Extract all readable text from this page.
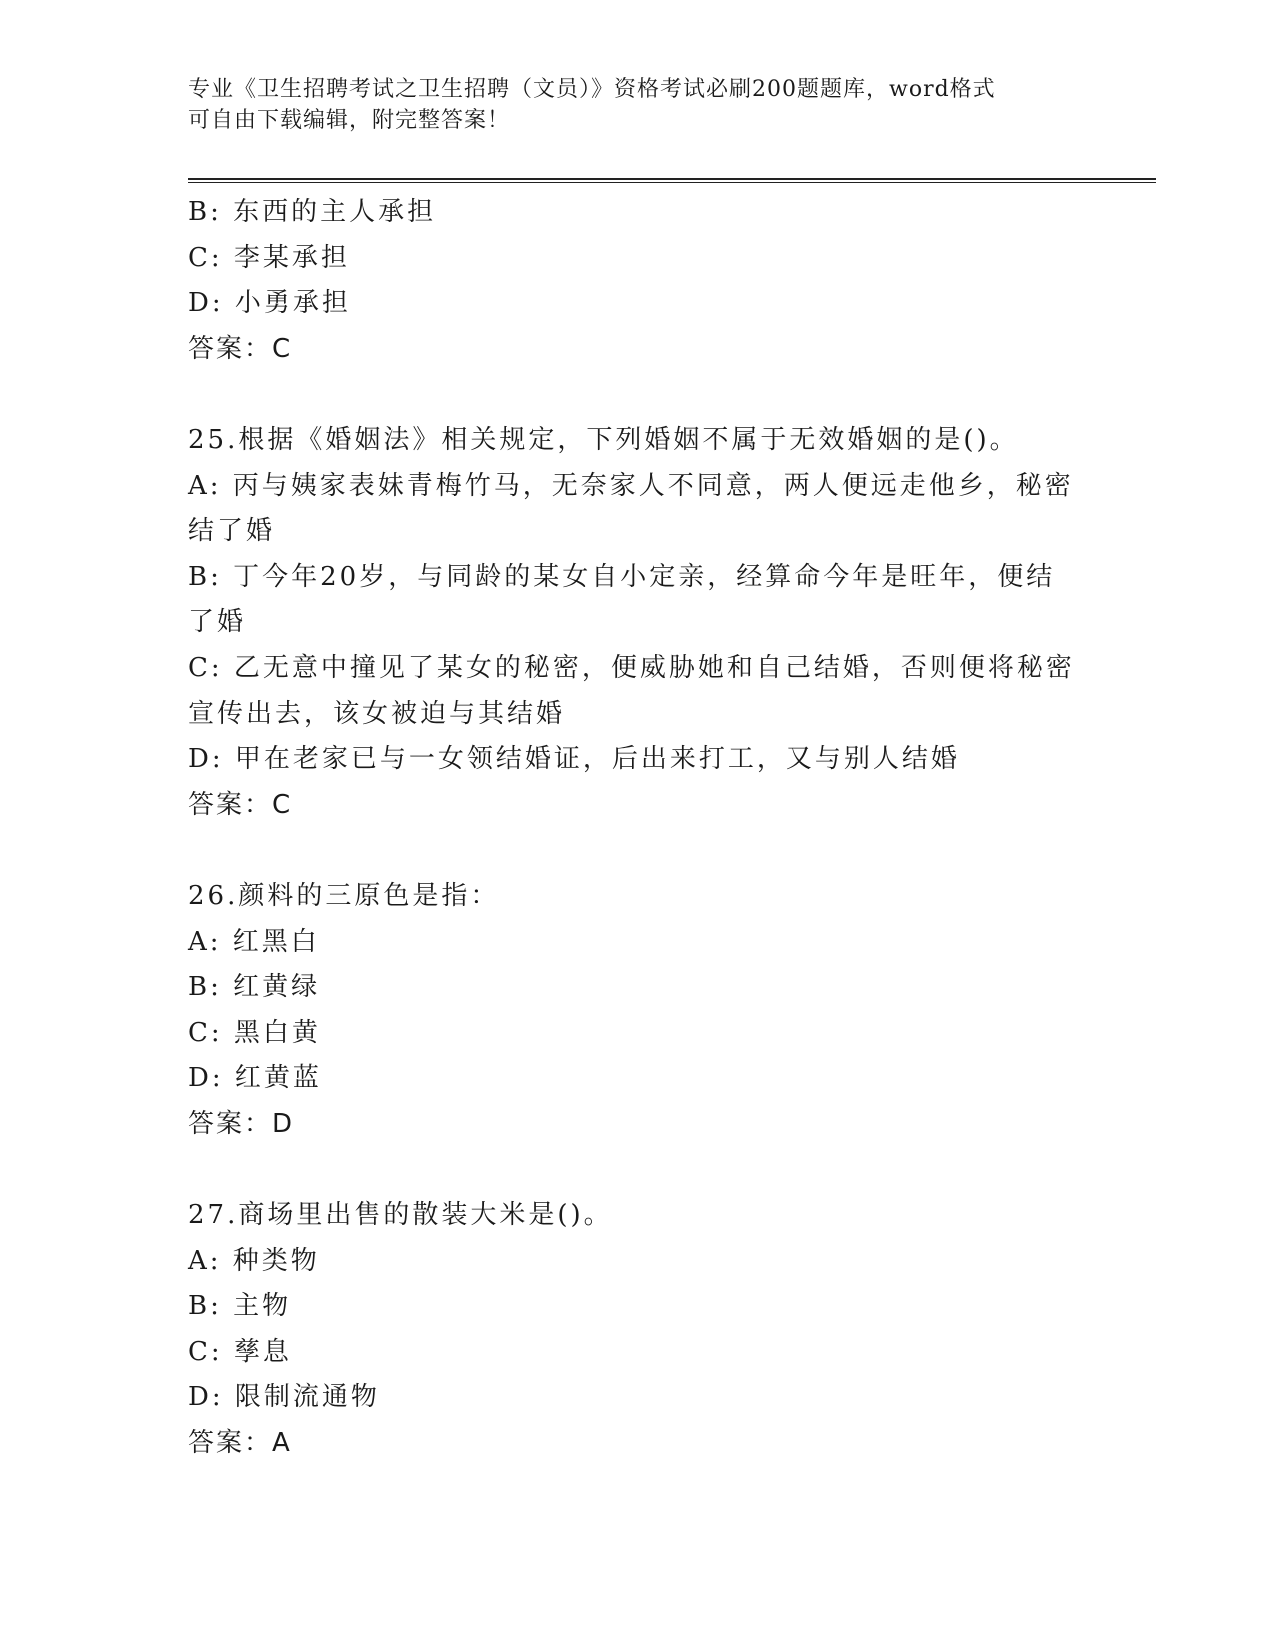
专业《卫生招聘考试之卫生招聘（文员）》资格考试必刷200题题库，word格式
可自由下载编辑，附完整答案！
B: 东西的主人承担
C: 李某承担
D: 小勇承担
答案：C
25.根据《婚姻法》相关规定，下列婚姻不属于无效婚姻的是()。
A: 丙与姨家表妹青梅竹马，无奈家人不同意，两人便远走他乡，秘密
结了婚
B: 丁今年20岁，与同龄的某女自小定亲，经算命今年是旺年，便结
了婚
C: 乙无意中撞见了某女的秘密，便威胁她和自己结婚，否则便将秘密
宣传出去，该女被迫与其结婚
D: 甲在老家已与一女领结婚证，后出来打工，又与别人结婚
答案：C
26.颜料的三原色是指：
A: 红黑白
B: 红黄绿
C: 黑白黄
D: 红黄蓝
答案：D
27.商场里出售的散装大米是()。
A: 种类物
B: 主物
C: 孳息
D: 限制流通物
答案：A
